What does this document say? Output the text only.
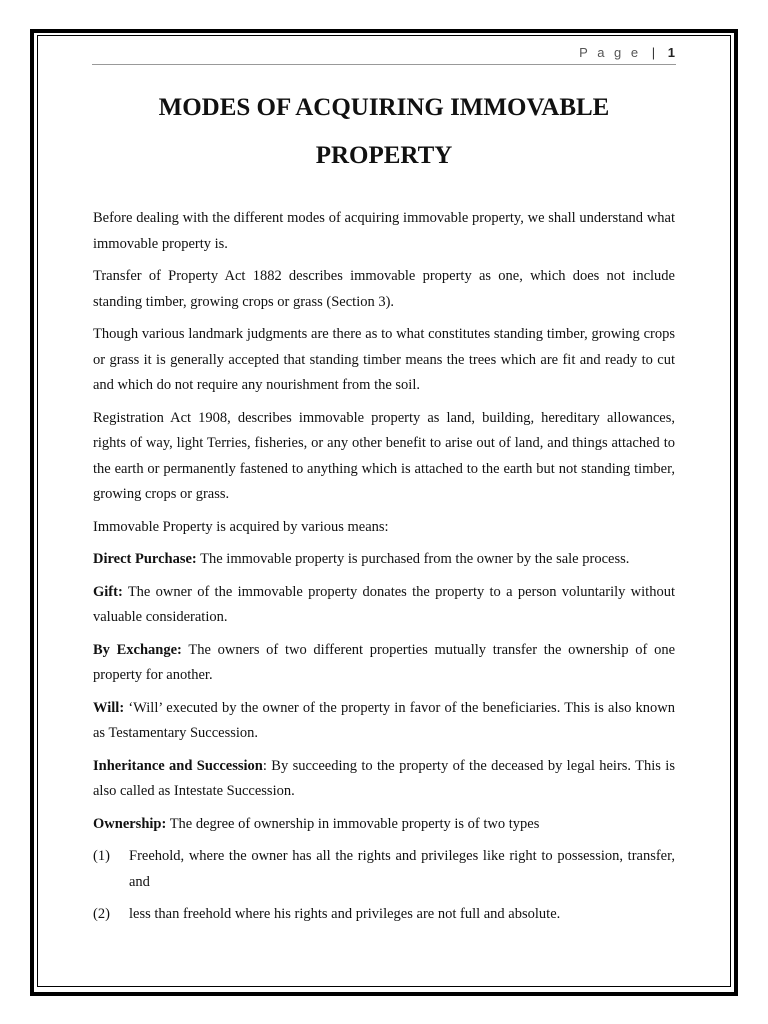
P a g e | 1
MODES OF ACQUIRING IMMOVABLE
PROPERTY

Before dealing with the different modes of acquiring immovable property, we shall understand what immovable property is.

Transfer of Property Act 1882 describes immovable property as one, which does not include standing timber, growing crops or grass (Section 3).

Though various landmark judgments are there as to what constitutes standing timber, growing crops or grass it is generally accepted that standing timber means the trees which are fit and ready to cut and which do not require any nourishment from the soil.

Registration Act 1908, describes immovable property as land, building, hereditary allowances, rights of way, light Terries, fisheries, or any other benefit to arise out of land, and things attached to the earth or permanently fastened to anything which is attached to the earth but not standing timber, growing crops or grass.

Immovable Property is acquired by various means:

Direct Purchase: The immovable property is purchased from the owner by the sale process.

Gift: The owner of the immovable property donates the property to a person voluntarily without valuable consideration.

By Exchange: The owners of two different properties mutually transfer the ownership of one property for another.

Will: ‘Will’ executed by the owner of the property in favor of the beneficiaries. This is also known as Testamentary Succession.

Inheritance and Succession: By succeeding to the property of the deceased by legal heirs. This is also called as Intestate Succession.

Ownership: The degree of ownership in immovable property is of two types

(1)	Freehold, where the owner has all the rights and privileges like right to possession, transfer, and
(2)	less than freehold where his rights and privileges are not full and absolute.
